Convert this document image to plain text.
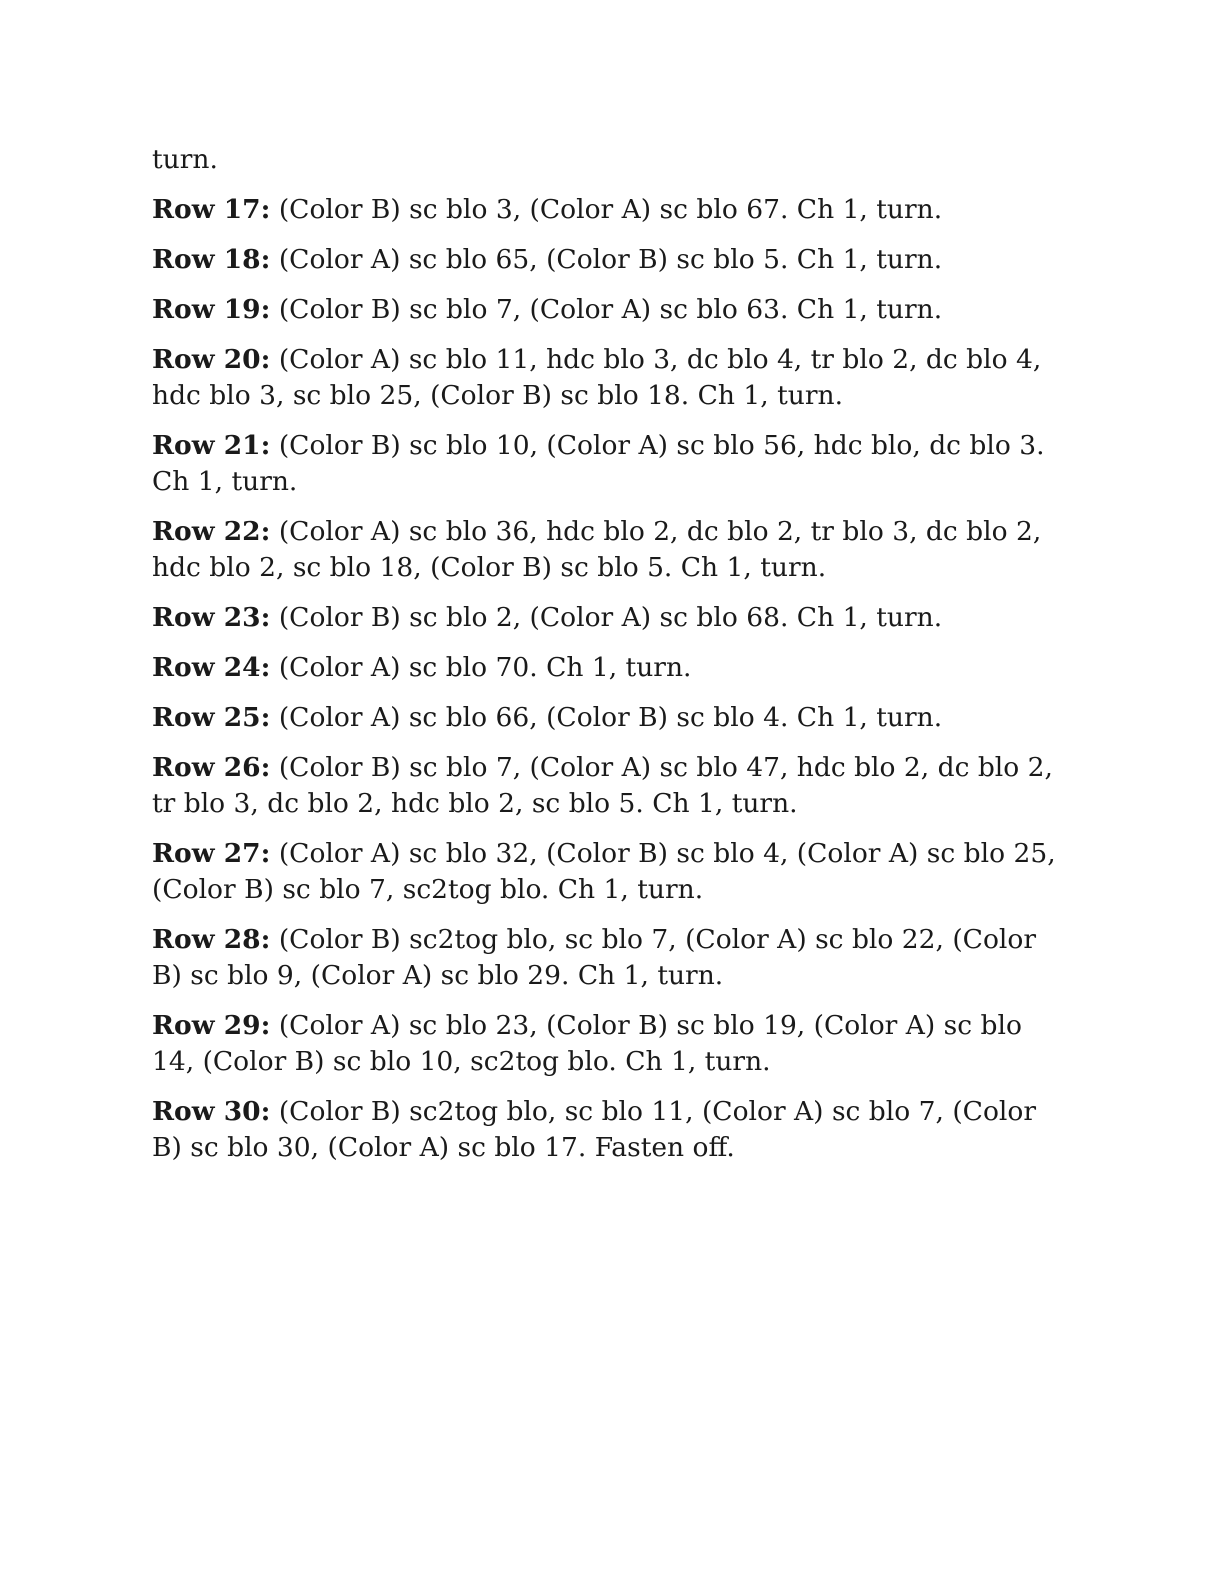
turn.

Row 17: (Color B) sc blo 3, (Color A) sc blo 67. Ch 1, turn.

Row 18: (Color A) sc blo 65, (Color B) sc blo 5. Ch 1, turn.

Row 19: (Color B) sc blo 7, (Color A) sc blo 63. Ch 1, turn.

Row 20: (Color A) sc blo 11, hdc blo 3, dc blo 4, tr blo 2, dc blo 4, hdc blo 3, sc blo 25, (Color B) sc blo 18. Ch 1, turn.

Row 21: (Color B) sc blo 10, (Color A) sc blo 56, hdc blo, dc blo 3. Ch 1, turn.

Row 22: (Color A) sc blo 36, hdc blo 2, dc blo 2, tr blo 3, dc blo 2, hdc blo 2, sc blo 18, (Color B) sc blo 5. Ch 1, turn.

Row 23: (Color B) sc blo 2, (Color A) sc blo 68. Ch 1, turn.

Row 24: (Color A) sc blo 70. Ch 1, turn.

Row 25: (Color A) sc blo 66, (Color B) sc blo 4. Ch 1, turn.

Row 26: (Color B) sc blo 7, (Color A) sc blo 47, hdc blo 2, dc blo 2, tr blo 3, dc blo 2, hdc blo 2, sc blo 5. Ch 1, turn.

Row 27: (Color A) sc blo 32, (Color B) sc blo 4, (Color A) sc blo 25, (Color B) sc blo 7, sc2tog blo. Ch 1, turn.

Row 28: (Color B) sc2tog blo, sc blo 7, (Color A) sc blo 22, (Color B) sc blo 9, (Color A) sc blo 29. Ch 1, turn.

Row 29: (Color A) sc blo 23, (Color B) sc blo 19, (Color A) sc blo 14, (Color B) sc blo 10, sc2tog blo. Ch 1, turn.

Row 30: (Color B) sc2tog blo, sc blo 11, (Color A) sc blo 7, (Color B) sc blo 30, (Color A) sc blo 17. Fasten off.
